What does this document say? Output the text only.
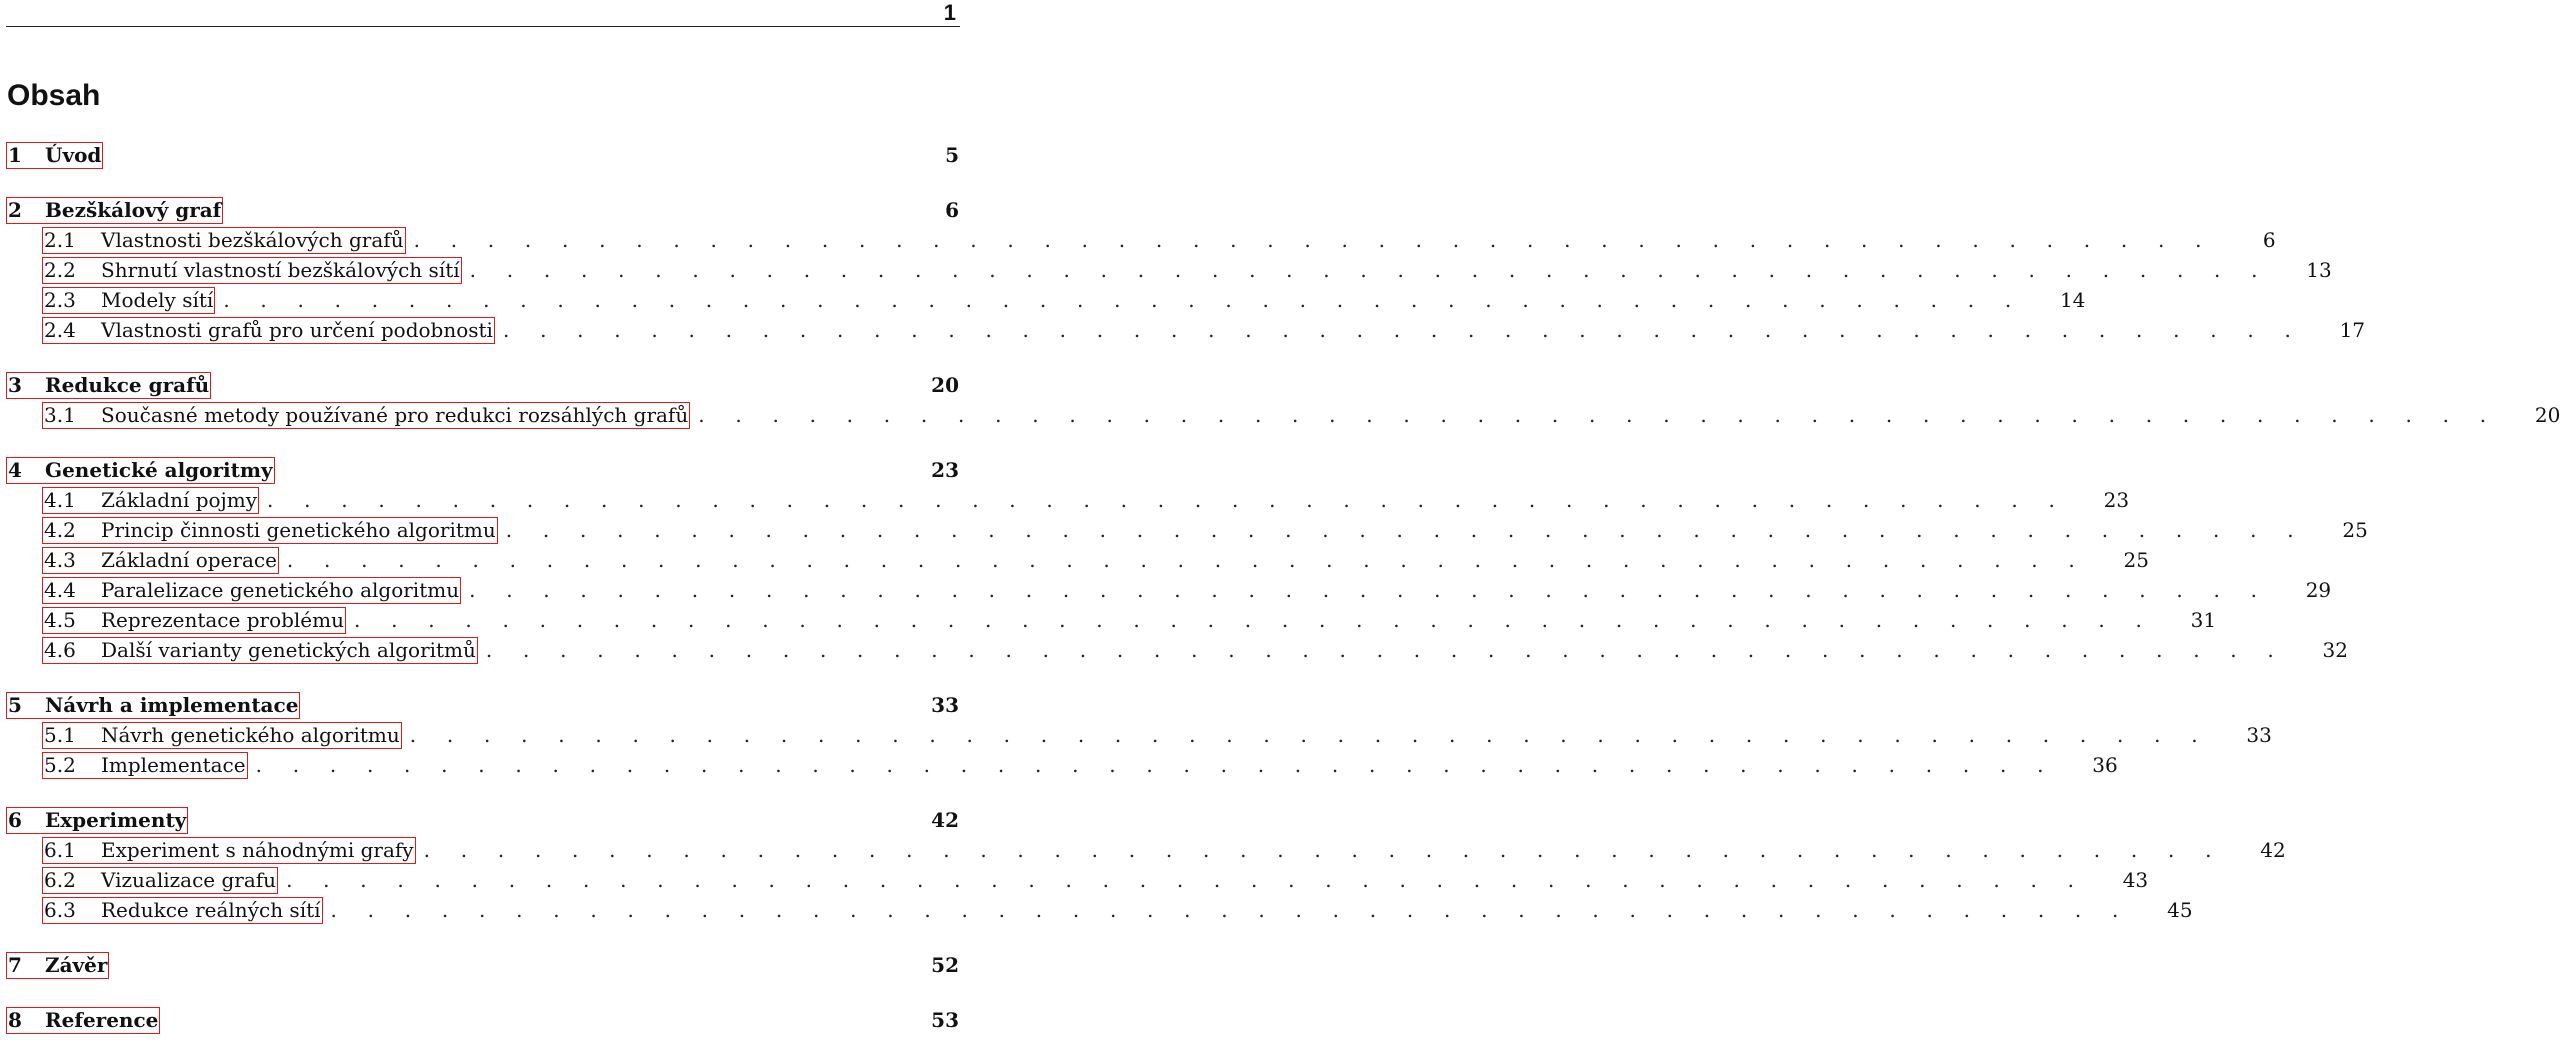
1
Obsah
1	Úvod	5
2	Bezškálový graf	6
2.1	Vlastnosti bezškálových grafů . . . . . . . . . . . . . . . . . . . . . . . . . . . . . . . . . . . . . . . . . . . . . . . . .	6
2.2	Shrnutí vlastností bezškálových sítí . . . . . . . . . . . . . . . . . . . . . . . . . . . . . . . . . . . . . . . . . . . . . . . . .	13
2.3	Modely sítí . . . . . . . . . . . . . . . . . . . . . . . . . . . . . . . . . . . . . . . . . . . . . . . . .	14
2.4	Vlastnosti grafů pro určení podobnosti . . . . . . . . . . . . . . . . . . . . . . . . . . . . . . . . . . . . . . . . . . . . . . . . .	17
3	Redukce grafů	20
3.1	Současné metody používané pro redukci rozsáhlých grafů . . . . . . . . . . . . . . . . . . . . . . . . . . . . . . . . . . . . . . . . . . . . . . . . .	20
4	Genetické algoritmy	23
4.1	Základní pojmy . . . . . . . . . . . . . . . . . . . . . . . . . . . . . . . . . . . . . . . . . . . . . . . . .	23
4.2	Princip činnosti genetického algoritmu . . . . . . . . . . . . . . . . . . . . . . . . . . . . . . . . . . . . . . . . . . . . . . . . .	25
4.3	Základní operace . . . . . . . . . . . . . . . . . . . . . . . . . . . . . . . . . . . . . . . . . . . . . . . . .	25
4.4	Paralelizace genetického algoritmu . . . . . . . . . . . . . . . . . . . . . . . . . . . . . . . . . . . . . . . . . . . . . . . . .	29
4.5	Reprezentace problému . . . . . . . . . . . . . . . . . . . . . . . . . . . . . . . . . . . . . . . . . . . . . . . . .	31
4.6	Další varianty genetických algoritmů . . . . . . . . . . . . . . . . . . . . . . . . . . . . . . . . . . . . . . . . . . . . . . . . .	32
5	Návrh a implementace	33
5.1	Návrh genetického algoritmu . . . . . . . . . . . . . . . . . . . . . . . . . . . . . . . . . . . . . . . . . . . . . . . . .	33
5.2	Implementace . . . . . . . . . . . . . . . . . . . . . . . . . . . . . . . . . . . . . . . . . . . . . . . . .	36
6	Experimenty	42
6.1	Experiment s náhodnými grafy . . . . . . . . . . . . . . . . . . . . . . . . . . . . . . . . . . . . . . . . . . . . . . . . .	42
6.2	Vizualizace grafu . . . . . . . . . . . . . . . . . . . . . . . . . . . . . . . . . . . . . . . . . . . . . . . . .	43
6.3	Redukce reálných sítí . . . . . . . . . . . . . . . . . . . . . . . . . . . . . . . . . . . . . . . . . . . . . . . . .	45
7	Závěr	52
8	Reference	53
